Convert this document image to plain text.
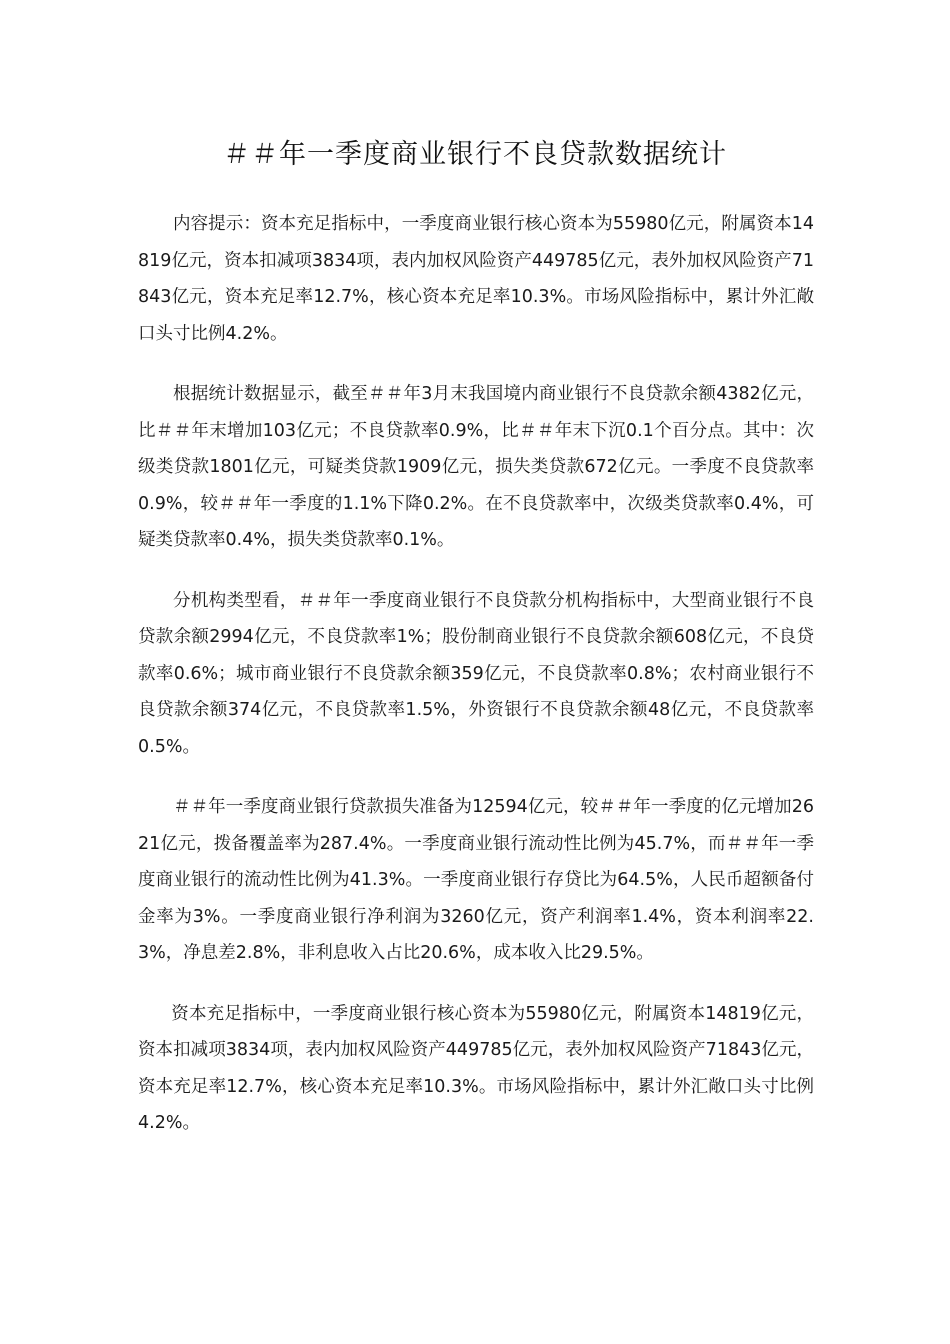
＃＃年一季度商业银行不良贷款数据统计

内容提示：资本充足指标中，一季度商业银行核心资本为55980亿元，附属资本14819亿元，资本扣减项3834项，表内加权风险资产449785亿元，表外加权风险资产71843亿元，资本充足率12.7%，核心资本充足率10.3%。市场风险指标中，累计外汇敞口头寸比例4.2%。

根据统计数据显示，截至＃＃年3月末我国境内商业银行不良贷款余额4382亿元，比＃＃年末增加103亿元；不良贷款率0.9%，比＃＃年末下沉0.1个百分点。其中：次级类贷款1801亿元，可疑类贷款1909亿元，损失类贷款672亿元。一季度不良贷款率0.9%，较＃＃年一季度的1.1%下降0.2%。在不良贷款率中，次级类贷款率0.4%，可疑类贷款率0.4%，损失类贷款率0.1%。

分机构类型看，＃＃年一季度商业银行不良贷款分机构指标中，大型商业银行不良贷款余额2994亿元，不良贷款率1%；股份制商业银行不良贷款余额608亿元，不良贷款率0.6%；城市商业银行不良贷款余额359亿元，不良贷款率0.8%；农村商业银行不良贷款余额374亿元，不良贷款率1.5%，外资银行不良贷款余额48亿元，不良贷款率0.5%。

＃＃年一季度商业银行贷款损失准备为12594亿元，较＃＃年一季度的亿元增加2621亿元，拨备覆盖率为287.4%。一季度商业银行流动性比例为45.7%，而＃＃年一季度商业银行的流动性比例为41.3%。一季度商业银行存贷比为64.5%，人民币超额备付金率为3%。一季度商业银行净利润为3260亿元，资产利润率1.4%，资本利润率22.3%，净息差2.8%，非利息收入占比20.6%，成本收入比29.5%。

资本充足指标中，一季度商业银行核心资本为55980亿元，附属资本14819亿元，资本扣减项3834项，表内加权风险资产449785亿元，表外加权风险资产71843亿元，资本充足率12.7%，核心资本充足率10.3%。市场风险指标中，累计外汇敞口头寸比例4.2%。
